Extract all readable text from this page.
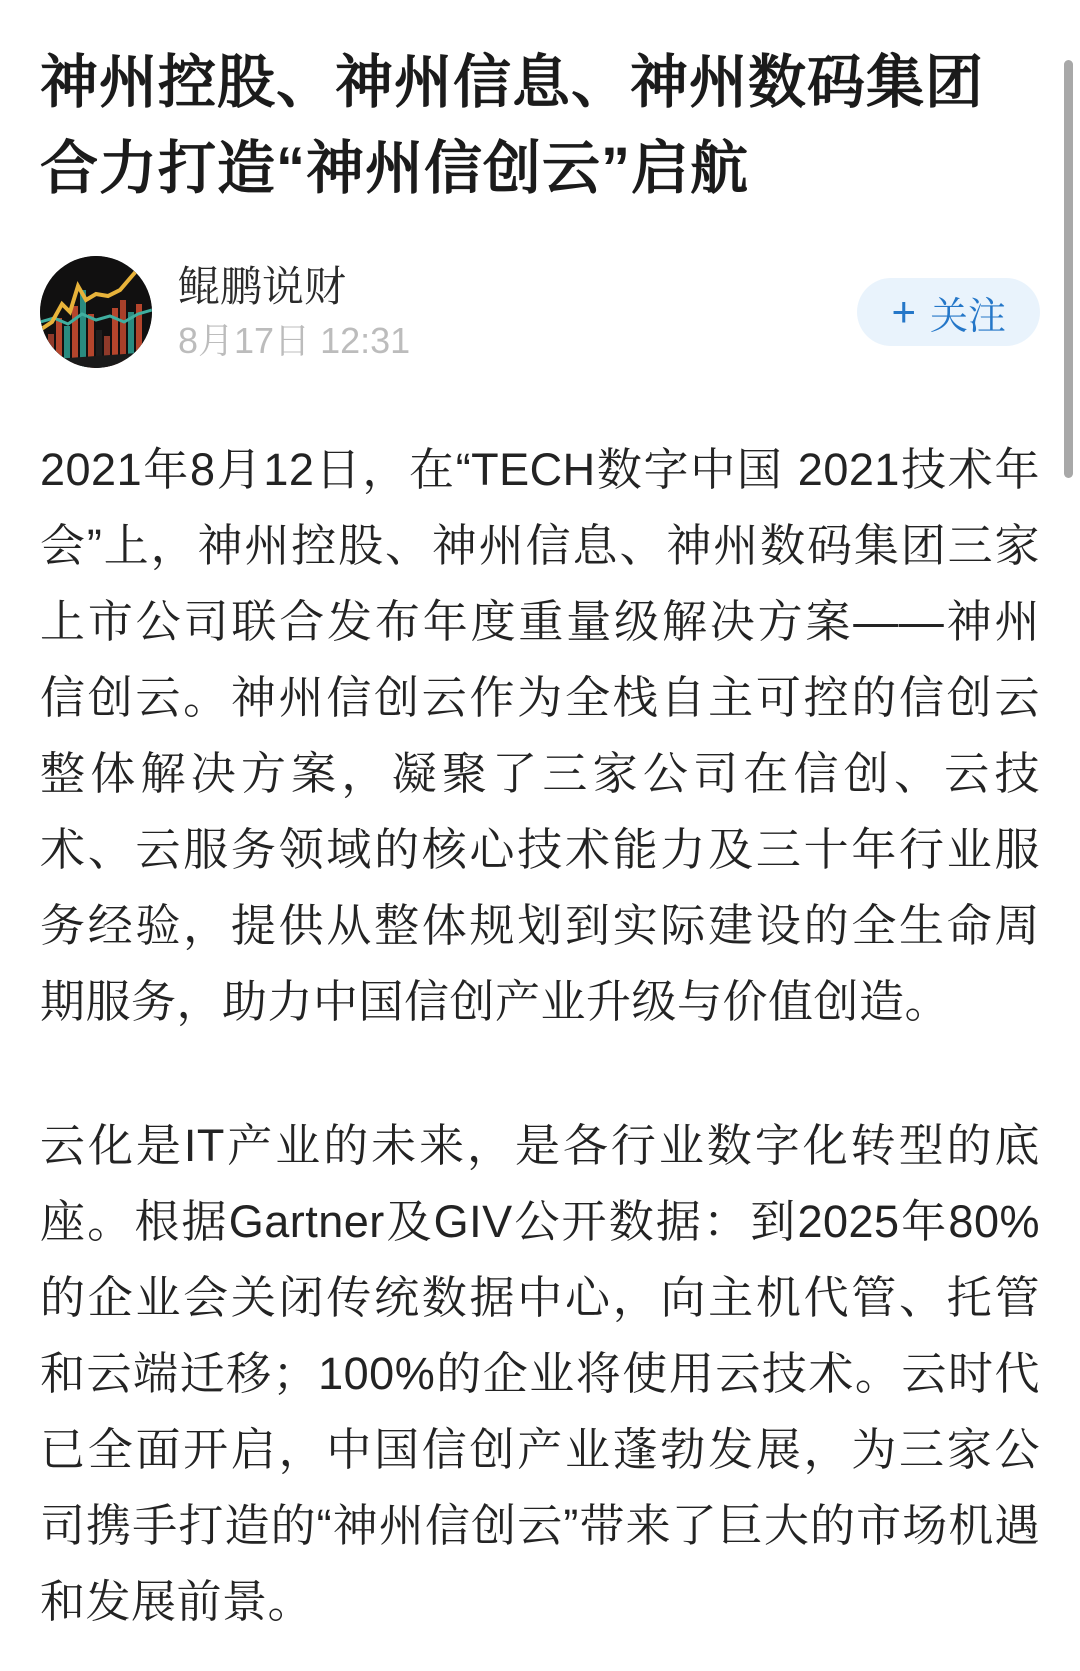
神州控股、神州信息、神州数码集团合力打造“神州信创云”启航
鲲鹏说财
8月17日 12:31
+ 关注

2021年8月12日，在“TECH数字中国 2021技术年会”上，神州控股、神州信息、神州数码集团三家上市公司联合发布年度重量级解决方案——神州信创云。神州信创云作为全栈自主可控的信创云整体解决方案，凝聚了三家公司在信创、云技术、云服务领域的核心技术能力及三十年行业服务经验，提供从整体规划到实际建设的全生命周期服务，助力中国信创产业升级与价值创造。

云化是IT产业的未来，是各行业数字化转型的底座。根据Gartner及GIV公开数据：到2025年80%的企业会关闭传统数据中心，向主机代管、托管和云端迁移；100%的企业将使用云技术。云时代已全面开启，中国信创产业蓬勃发展，为三家公司携手打造的“神州信创云”带来了巨大的市场机遇和发展前景。
